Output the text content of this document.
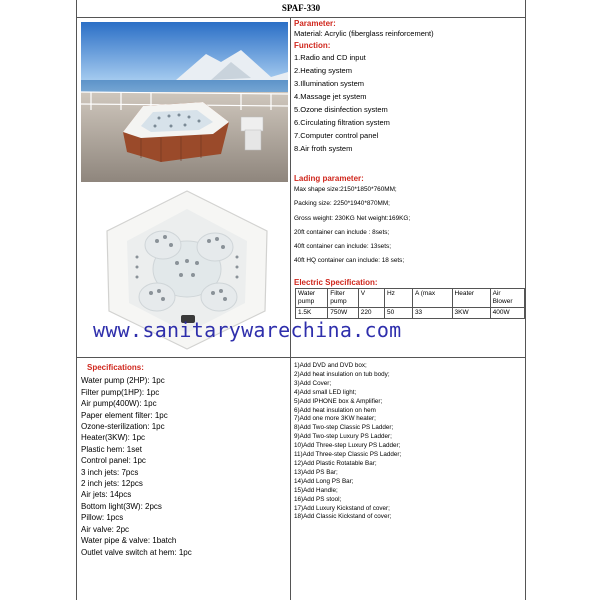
SPAF-330
Parameter:
Material: Acrylic (fiberglass reinforcement)
Function:
1.Radio and CD input
2.Heating system
3.Illumination system
4.Massage jet system
5.Ozone disinfection system
6.Circulating filtration system
7.Computer control panel
8.Air froth system
Lading parameter:
Max shape size:2150*1850*760MM;
Packing size: 2250*1940*870MM;
Gross weight: 230KG Net weight:169KG;
20ft container can include : 8sets;
40ft container can include: 13sets;
40ft HQ container can include: 18 sets;
Electric Specification:
Water pump	Filter pump	V	Hz	A (max	Heater	Air Blower
1.5K	750W	220	50	33	3KW	400W
Specifications:
Water pump (2HP): 1pc
Filter pump(1HP): 1pc
Air pump(400W): 1pc
Paper element filter: 1pc
Ozone-sterilization: 1pc
Heater(3KW): 1pc
Plastic hem: 1set
Control panel: 1pc
3 inch jets: 7pcs
2 inch jets: 12pcs
Air jets: 14pcs
Bottom light(3W): 2pcs
Pillow: 1pcs
Air valve: 2pc
Water pipe & valve: 1batch
Outlet valve switch at hem: 1pc
1)Add DVD and DVD box;
2)Add heat insulation on tub body;
3)Add Cover;
4)Add small LED light;
5)Add IPHONE box & Amplifier;
6)Add heat insulation on hem
7)Add one more 3KW heater;
8)Add Two-step Classic PS Ladder;
9)Add Two-step Luxury PS Ladder;
10)Add Three-step Luxury PS Ladder;
11)Add Three-step Classic PS Ladder;
12)Add Plastic Rotatable Bar;
13)Add PS Bar;
14)Add Long PS Bar;
15)Add Handle;
16)Add PS stool;
17)Add Luxury Kickstand of cover;
18)Add Classic Kickstand of cover;
www.sanitarywarechina.com
